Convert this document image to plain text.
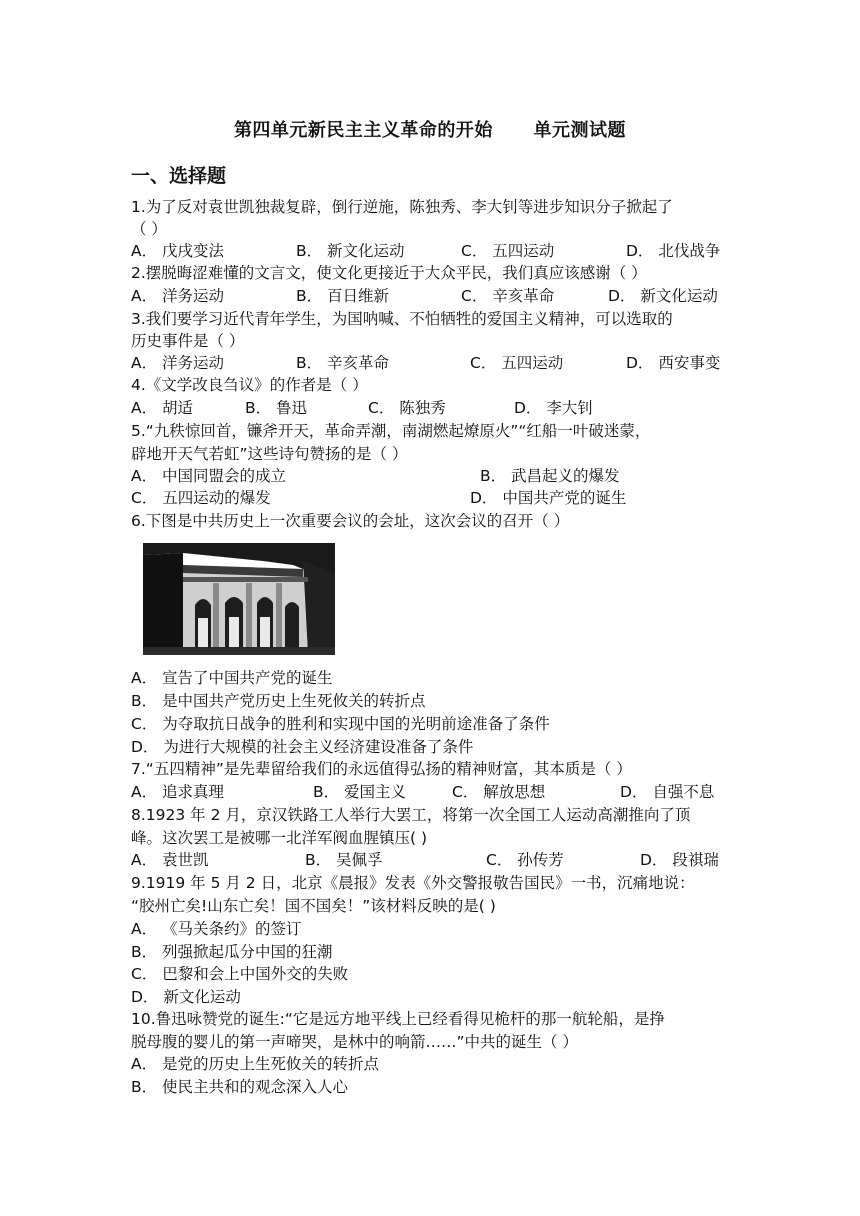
第四单元新民主主义革命的开始      单元测试题
一、选择题
1.为了反对袁世凯独裁复辟，倒行逆施，陈独秀、李大钊等进步知识分子掀起了
（ ）
A． 戊戌变法	B． 新文化运动	C． 五四运动	D． 北伐战争
2.摆脱晦涩难懂的文言文，使文化更接近于大众平民，我们真应该感谢（ ）
A． 洋务运动	B． 百日维新	C． 辛亥革命	D． 新文化运动
3.我们要学习近代青年学生，为国呐喊、不怕牺牲的爱国主义精神，可以选取的
历史事件是（ ）
A． 洋务运动	B． 辛亥革命	C． 五四运动	D． 西安事变
4.《文学改良刍议》的作者是（ ）
A． 胡适	B． 鲁迅	C． 陈独秀	D． 李大钊
5.“九秩惊回首，镰斧开天，革命弄潮，南湖燃起燎原火”“红船一叶破迷蒙，
辟地开天气若虹”这些诗句赞扬的是（ ）
A． 中国同盟会的成立	B． 武昌起义的爆发
C． 五四运动的爆发	D． 中国共产党的诞生
6.下图是中共历史上一次重要会议的会址，这次会议的召开（ ）
A． 宣告了中国共产党的诞生
B． 是中国共产党历史上生死攸关的转折点
C． 为夺取抗日战争的胜利和实现中国的光明前途准备了条件
D． 为进行大规模的社会主义经济建设准备了条件
7.“五四精神”是先辈留给我们的永远值得弘扬的精神财富，其本质是（ ）
A． 追求真理	B． 爱国主义	C． 解放思想	D． 自强不息
8.1923 年 2 月，京汉铁路工人举行大罢工，将第一次全国工人运动高潮推向了顶
峰。这次罢工是被哪一北洋军阀血腥镇压( )
A． 袁世凯	B． 吴佩孚	C． 孙传芳	D． 段祺瑞
9.1919 年 5 月 2 日，北京《晨报》发表《外交警报敬告国民》一书，沉痛地说：
“胶州亡矣!山东亡矣！国不国矣！”该材料反映的是( )
A． 《马关条约》的签订
B． 列强掀起瓜分中国的狂潮
C． 巴黎和会上中国外交的失败
D． 新文化运动
10.鲁迅咏赞党的诞生:“它是远方地平线上已经看得见桅杆的那一航轮船，是挣
脱母腹的婴儿的第一声啼哭，是林中的响箭……”中共的诞生（ ）
A． 是党的历史上生死攸关的转折点
B． 使民主共和的观念深入人心
